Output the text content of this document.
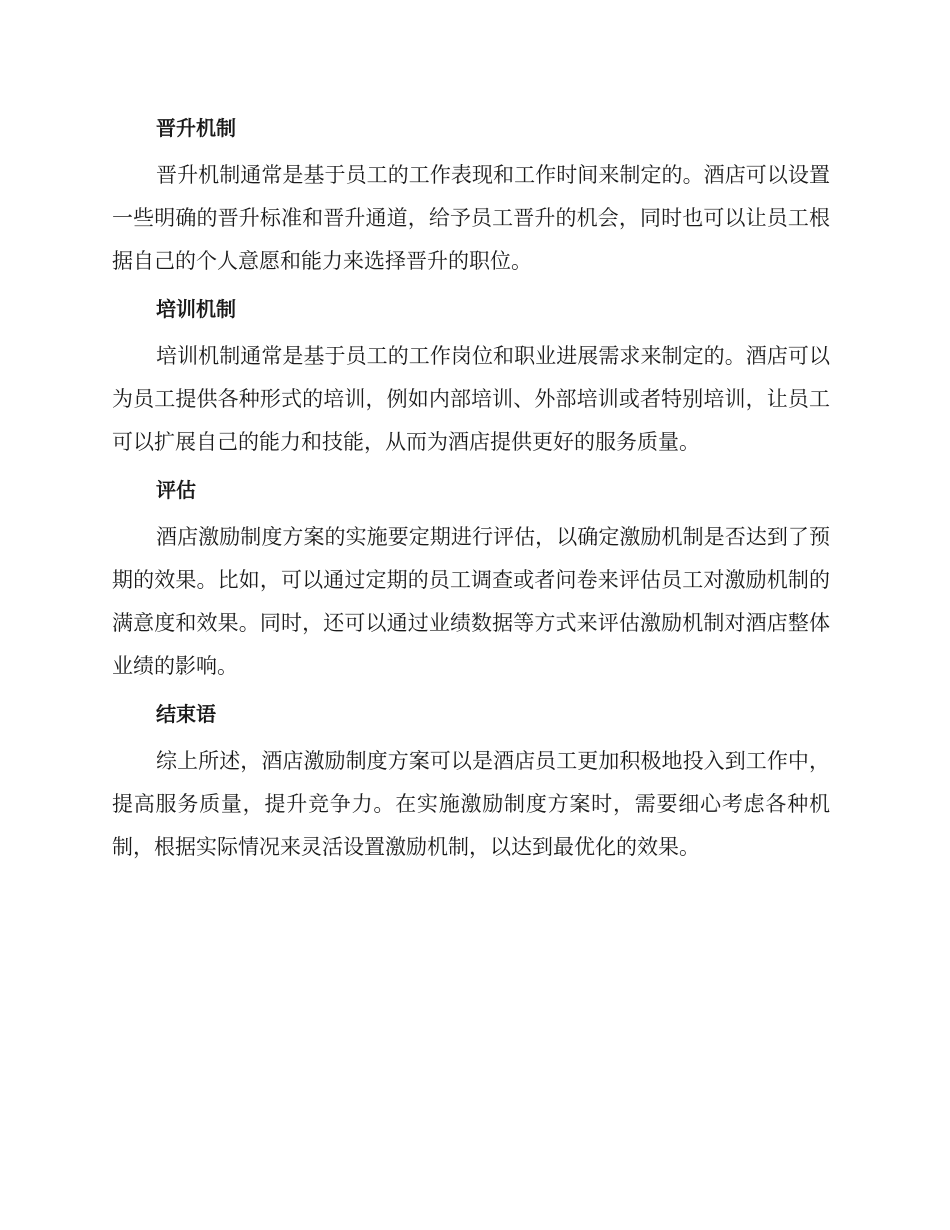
晋升机制

晋升机制通常是基于员工的工作表现和工作时间来制定的。酒店可以设置一些明确的晋升标准和晋升通道，给予员工晋升的机会，同时也可以让员工根据自己的个人意愿和能力来选择晋升的职位。

培训机制

培训机制通常是基于员工的工作岗位和职业进展需求来制定的。酒店可以为员工提供各种形式的培训，例如内部培训、外部培训或者特别培训，让员工可以扩展自己的能力和技能，从而为酒店提供更好的服务质量。

评估

酒店激励制度方案的实施要定期进行评估，以确定激励机制是否达到了预期的效果。比如，可以通过定期的员工调查或者问卷来评估员工对激励机制的满意度和效果。同时，还可以通过业绩数据等方式来评估激励机制对酒店整体业绩的影响。

结束语

综上所述，酒店激励制度方案可以是酒店员工更加积极地投入到工作中，提高服务质量，提升竞争力。在实施激励制度方案时，需要细心考虑各种机制，根据实际情况来灵活设置激励机制，以达到最优化的效果。
